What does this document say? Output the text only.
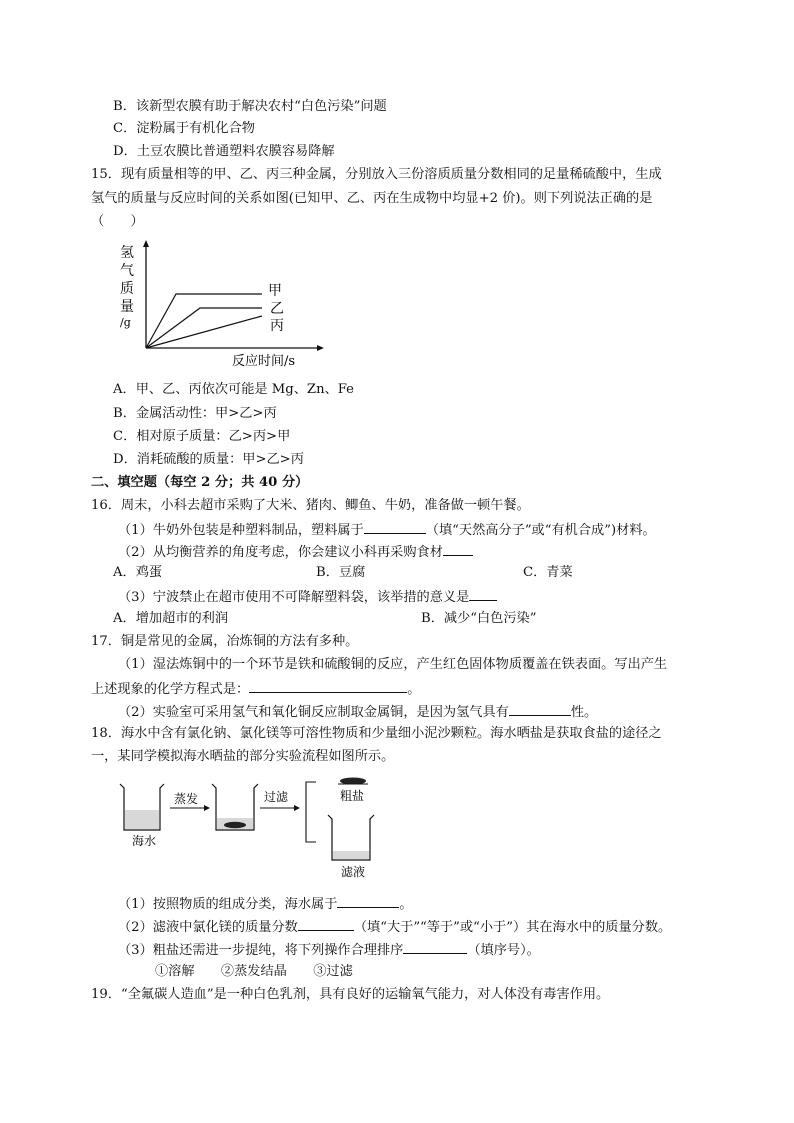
B．该新型农膜有助于解决农村“白色污染”问题
C．淀粉属于有机化合物
D．土豆农膜比普通塑料农膜容易降解
15．现有质量相等的甲、乙、丙三种金属，分别放入三份溶质质量分数相同的足量稀硫酸中，生成
氢气的质量与反应时间的关系如图(已知甲、乙、丙在生成物中均显+2 价)。则下列说法正确的是
（　　）
氢
气
质
量
/g
反应时间/s
甲
乙
丙
A．甲、乙、丙依次可能是 Mg、Zn、Fe
B．金属活动性：甲>乙>丙
C．相对原子质量：乙>丙>甲
D．消耗硫酸的质量：甲>乙>丙
二、填空题（每空 2 分；共 40 分）
16．周末，小科去超市采购了大米、猪肉、鲫鱼、牛奶，准备做一顿午餐。
（1）牛奶外包装是种塑料制品，塑料属于	（填“天然高分子”或“有机合成”)材料。
（2）从均衡营养的角度考虑，你会建议小科再采购食材
A．鸡蛋	B．豆腐	C．青菜
（3）宁波禁止在超市使用不可降解塑料袋，该举措的意义是
A．增加超市的利润	B．减少“白色污染”
17．铜是常见的金属，冶炼铜的方法有多种。
（1）湿法炼铜中的一个环节是铁和硫酸铜的反应，产生红色固体物质覆盖在铁表面。写出产生
上述现象的化学方程式是：	。
（2）实验室可采用氢气和氧化铜反应制取金属铜，是因为氢气具有	性。
18．海水中含有氯化钠、氯化镁等可溶性物质和少量细小泥沙颗粒。海水晒盐是获取食盐的途径之
一，某同学模拟海水晒盐的部分实验流程如图所示。
海水
蒸发	过滤	粗盐
滤液
（1）按照物质的组成分类，海水属于	。
（2）滤液中氯化镁的质量分数	（填“大于”“等于”或“小于”）其在海水中的质量分数。
（3）粗盐还需进一步提纯，将下列操作合理排序	（填序号）。
①溶解　　②蒸发结晶　　③过滤
19．“全氟碳人造血”是一种白色乳剂，具有良好的运输氧气能力，对人体没有毒害作用。
